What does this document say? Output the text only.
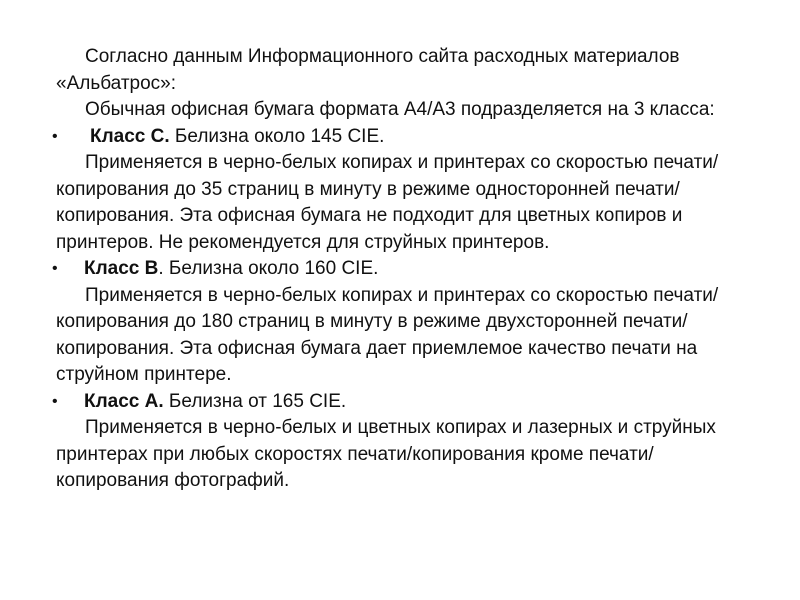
Согласно данным Информационного сайта расходных материалов «Альбатрос»:

Обычная офисная бумага формата А4/А3 подразделяется на 3 класса:

• Класс С. Белизна около 145 CIE.

Применяется в черно-белых копирах и принтерах со скоростью печати/копирования до 35 страниц в минуту в режиме односторонней печати/ копирования. Эта офисная бумага не подходит для цветных копиров и принтеров. Не рекомендуется для струйных принтеров.

• Класс В. Белизна около 160 CIE.

Применяется в черно-белых копирах и принтерах со скоростью печати/копирования до 180 страниц в минуту в режиме двухсторонней печати/ копирования. Эта офисная бумага дает приемлемое качество печати на струйном принтере.

• Класс А. Белизна от 165 CIE.

Применяется в черно-белых и цветных копирах и лазерных и струйных принтерах при любых скоростях печати/копирования кроме печати/копирования фотографий.
